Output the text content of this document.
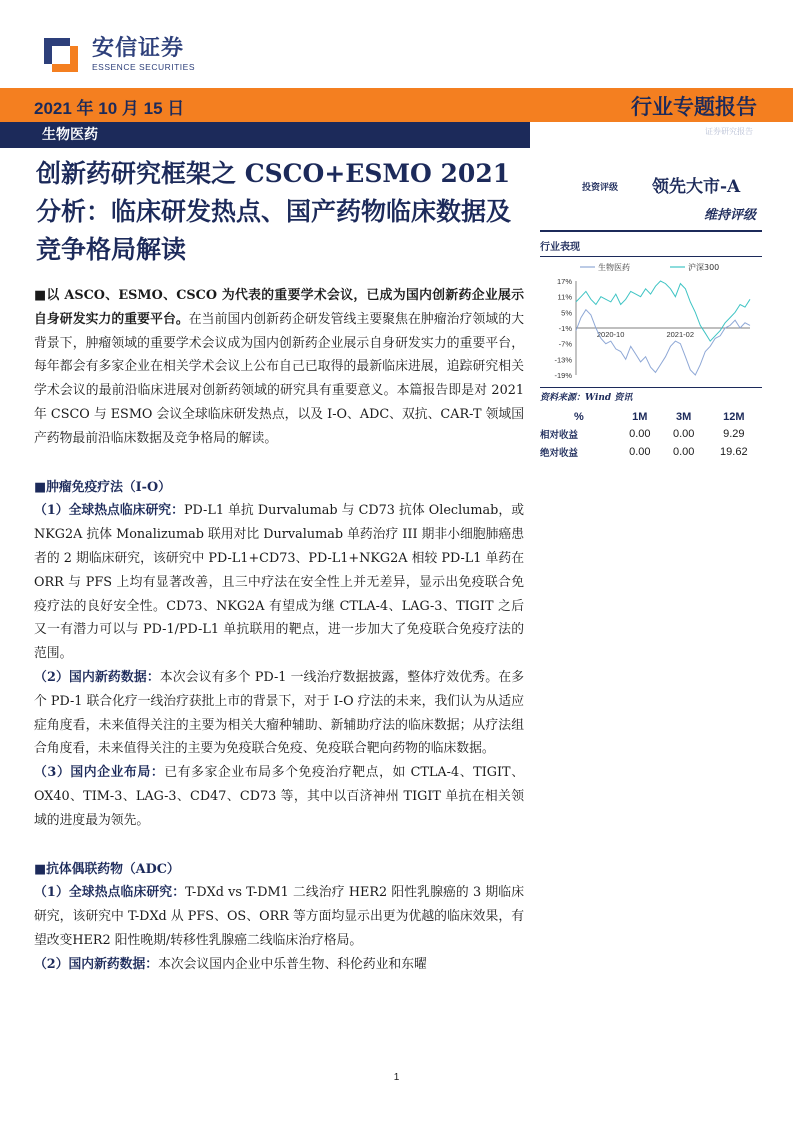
安信证券
ESSENCE SECURITIES
2021 年 10 月 15 日	行业专题报告
证券研究报告
生物医药
创新药研究框架之 CSCO+ESMO 2021 分析：临床研发热点、国产药物临床数据及竞争格局解读
投资评级 领先大市-A
维持评级
行业表现
生物医药	沪深300
17%
11%
5%
-1%
-7%
-13%
-19%
2020-10	2021-02
资料来源：Wind 资讯
%	1M	3M	12M
相对收益	0.00	0.00	9.29
绝对收益	0.00	0.00	19.62

■以 ASCO、ESMO、CSCO 为代表的重要学术会议，已成为国内创新药企业展示自身研发实力的重要平台。在当前国内创新药企研发管线主要聚焦在肿瘤治疗领域的大背景下，肿瘤领域的重要学术会议成为国内创新药企业展示自身研发实力的重要平台，每年都会有多家企业在相关学术会议上公布自己已取得的最新临床进展，追踪研究相关学术会议的最前沿临床进展对创新药领域的研究具有重要意义。本篇报告即是对 2021 年 CSCO 与 ESMO 会议全球临床研发热点，以及 I-O、ADC、双抗、CAR-T 领域国产药物最前沿临床数据及竞争格局的解读。

■肿瘤免疫疗法（I-O）

（1）全球热点临床研究：PD-L1 单抗 Durvalumab 与 CD73 抗体 Oleclumab，或 NKG2A 抗体 Monalizumab 联用对比 Durvalumab 单药治疗 III 期非小细胞肺癌患者的 2 期临床研究，该研究中 PD-L1+CD73、PD-L1+NKG2A 相较 PD-L1 单药在 ORR 与 PFS 上均有显著改善，且三中疗法在安全性上并无差异，显示出免疫联合免疫疗法的良好安全性。CD73、NKG2A 有望成为继 CTLA-4、LAG-3、TIGIT 之后又一有潜力可以与 PD-1/PD-L1 单抗联用的靶点，进一步加大了免疫联合免疫疗法的范围。

（2）国内新药数据：本次会议有多个 PD-1 一线治疗数据披露，整体疗效优秀。在多个 PD-1 联合化疗一线治疗获批上市的背景下，对于 I-O 疗法的未来，我们认为从适应症角度看，未来值得关注的主要为相关大瘤种辅助、新辅助疗法的临床数据；从疗法组合角度看，未来值得关注的主要为免疫联合免疫、免疫联合靶向药物的临床数据。

（3）国内企业布局：已有多家企业布局多个免疫治疗靶点，如 CTLA-4、TIGIT、OX40、TIM-3、LAG-3、CD47、CD73 等，其中以百济神州 TIGIT 单抗在相关领域的进度最为领先。

■抗体偶联药物（ADC）

（1）全球热点临床研究：T-DXd vs T-DM1 二线治疗 HER2 阳性乳腺癌的 3 期临床研究，该研究中 T-DXd 从 PFS、OS、ORR 等方面均显示出更为优越的临床效果，有望改变HER2 阳性晚期/转移性乳腺癌二线临床治疗格局。

（2）国内新药数据：本次会议国内企业中乐普生物、科伦药业和东曜

1
